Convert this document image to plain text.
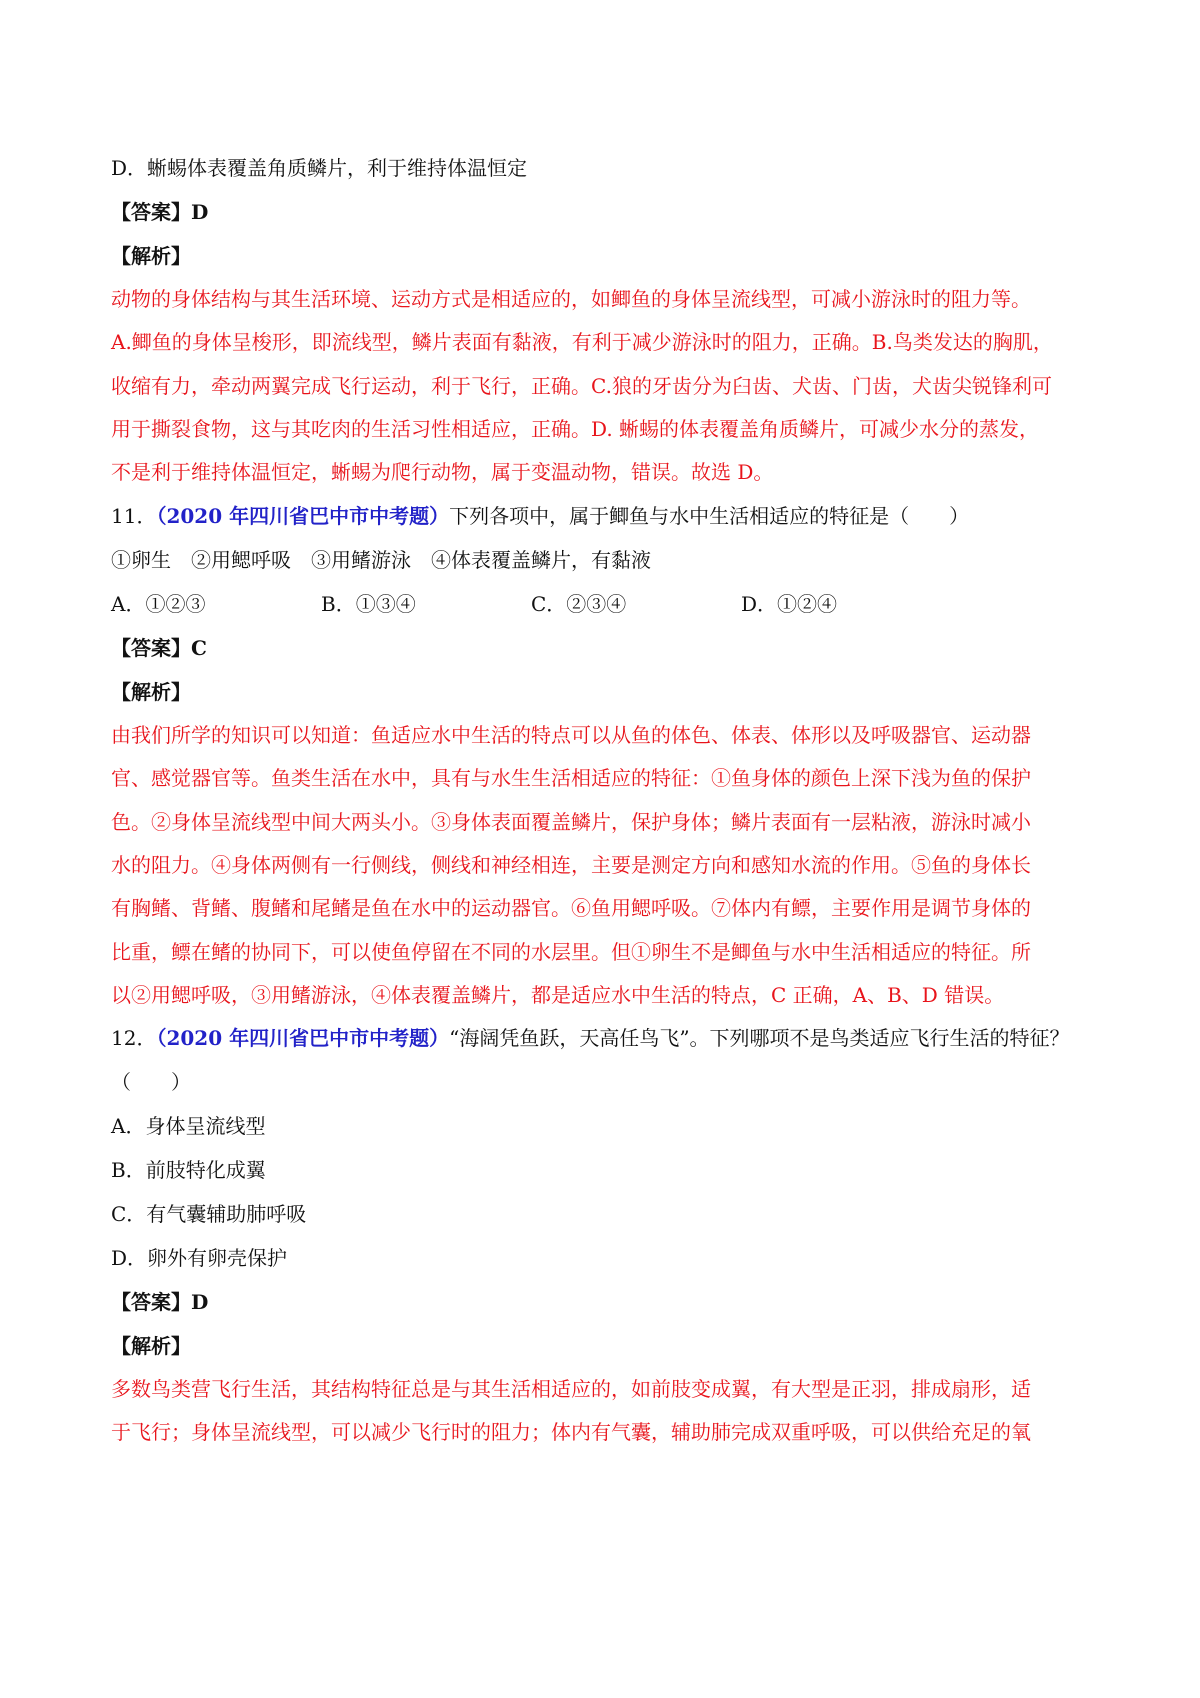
D．蜥蜴体表覆盖角质鳞片，利于维持体温恒定
【答案】D
【解析】
动物的身体结构与其生活环境、运动方式是相适应的，如鲫鱼的身体呈流线型，可减小游泳时的阻力等。
A.鲫鱼的身体呈梭形，即流线型，鳞片表面有黏液，有利于减少游泳时的阻力，正确。B.鸟类发达的胸肌，
收缩有力，牵动两翼完成飞行运动，利于飞行，正确。C.狼的牙齿分为臼齿、犬齿、门齿，犬齿尖锐锋利可
用于撕裂食物，这与其吃肉的生活习性相适应，正确。D. 蜥蜴的体表覆盖角质鳞片，可减少水分的蒸发，
不是利于维持体温恒定，蜥蜴为爬行动物，属于变温动物，错误。故选 D。
11．（2020 年四川省巴中市中考题）下列各项中，属于鲫鱼与水中生活相适应的特征是（　　）
①卵生　②用鳃呼吸　③用鳍游泳　④体表覆盖鳞片，有黏液
A．①②③	B．①③④	C．②③④	D．①②④
【答案】C
【解析】
由我们所学的知识可以知道：鱼适应水中生活的特点可以从鱼的体色、体表、体形以及呼吸器官、运动器
官、感觉器官等。鱼类生活在水中，具有与水生生活相适应的特征：①鱼身体的颜色上深下浅为鱼的保护
色。②身体呈流线型中间大两头小。③身体表面覆盖鳞片，保护身体；鳞片表面有一层粘液，游泳时减小
水的阻力。④身体两侧有一行侧线，侧线和神经相连，主要是测定方向和感知水流的作用。⑤鱼的身体长
有胸鳍、背鳍、腹鳍和尾鳍是鱼在水中的运动器官。⑥鱼用鳃呼吸。⑦体内有鳔，主要作用是调节身体的
比重，鳔在鳍的协同下，可以使鱼停留在不同的水层里。但①卵生不是鲫鱼与水中生活相适应的特征。所
以②用鳃呼吸，③用鳍游泳，④体表覆盖鳞片，都是适应水中生活的特点，C 正确，A、B、D 错误。
12．（2020 年四川省巴中市中考题）“海阔凭鱼跃，天高任鸟飞”。下列哪项不是鸟类适应飞行生活的特征？
（　　）
A．身体呈流线型
B．前肢特化成翼
C．有气囊辅助肺呼吸
D．卵外有卵壳保护
【答案】D
【解析】
多数鸟类营飞行生活，其结构特征总是与其生活相适应的，如前肢变成翼，有大型是正羽，排成扇形，适
于飞行；身体呈流线型，可以减少飞行时的阻力；体内有气囊，辅助肺完成双重呼吸，可以供给充足的氧
